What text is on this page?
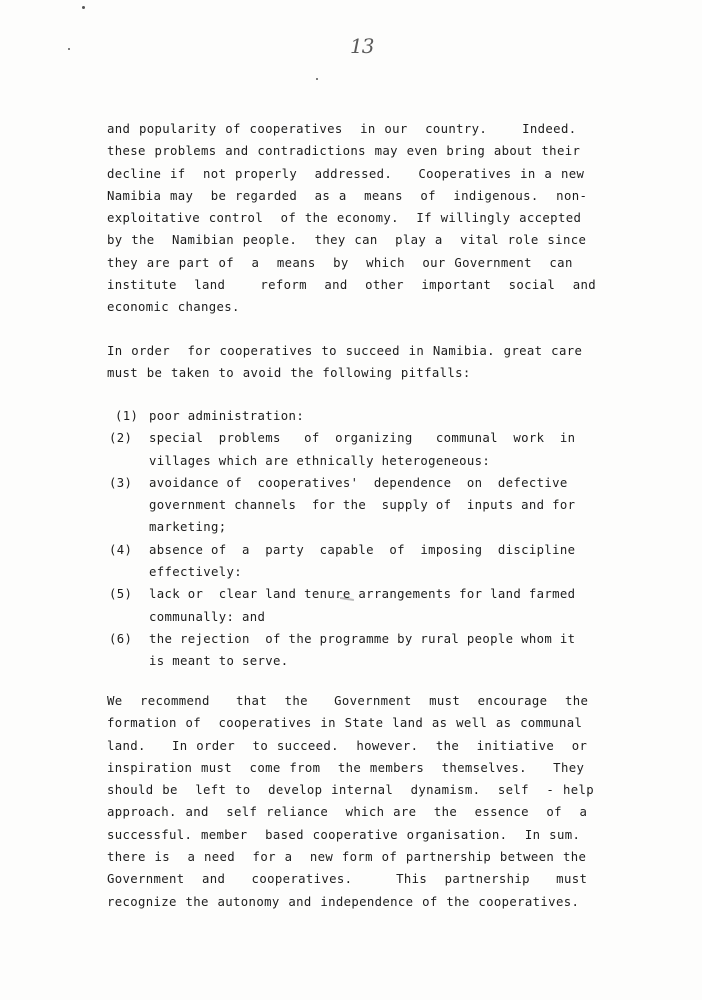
13
and popularity of cooperatives  in our  country.    Indeed.
these problems and contradictions may even bring about their
decline if  not properly  addressed.   Cooperatives in a new
Namibia may  be regarded  as a  means  of  indigenous.  non-
exploitative control  of the economy.  If willingly accepted
by the  Namibian people.  they can  play a  vital role since
they are part of  a  means  by  which  our Government  can
institute  land    reform  and  other  important  social  and
economic changes.
In order  for cooperatives to succeed in Namibia. great care
must be taken to avoid the following pitfalls:
(1) poor administration:
(2) special  problems   of  organizing   communal  work  in
villages which are ethnically heterogeneous:
(3) avoidance of  cooperatives'  dependence  on  defective
government channels  for the  supply of  inputs and for
marketing;
(4) absence of  a  party  capable  of  imposing  discipline
effectively:
(5) lack or  clear land tenure arrangements for land farmed
communally: and
(6) the rejection  of the programme by rural people whom it
is meant to serve.
We  recommend   that  the   Government  must  encourage  the
formation of  cooperatives in State land as well as communal
land.   In order  to succeed.  however.  the  initiative  or
inspiration must  come from  the members  themselves.   They
should be  left to  develop internal  dynamism.  self  - help
approach. and  self reliance  which are  the  essence  of  a
successful. member  based cooperative organisation.  In sum.
there is  a need  for a  new form of partnership between the
Government  and   cooperatives.     This  partnership   must
recognize the autonomy and independence of the cooperatives.
